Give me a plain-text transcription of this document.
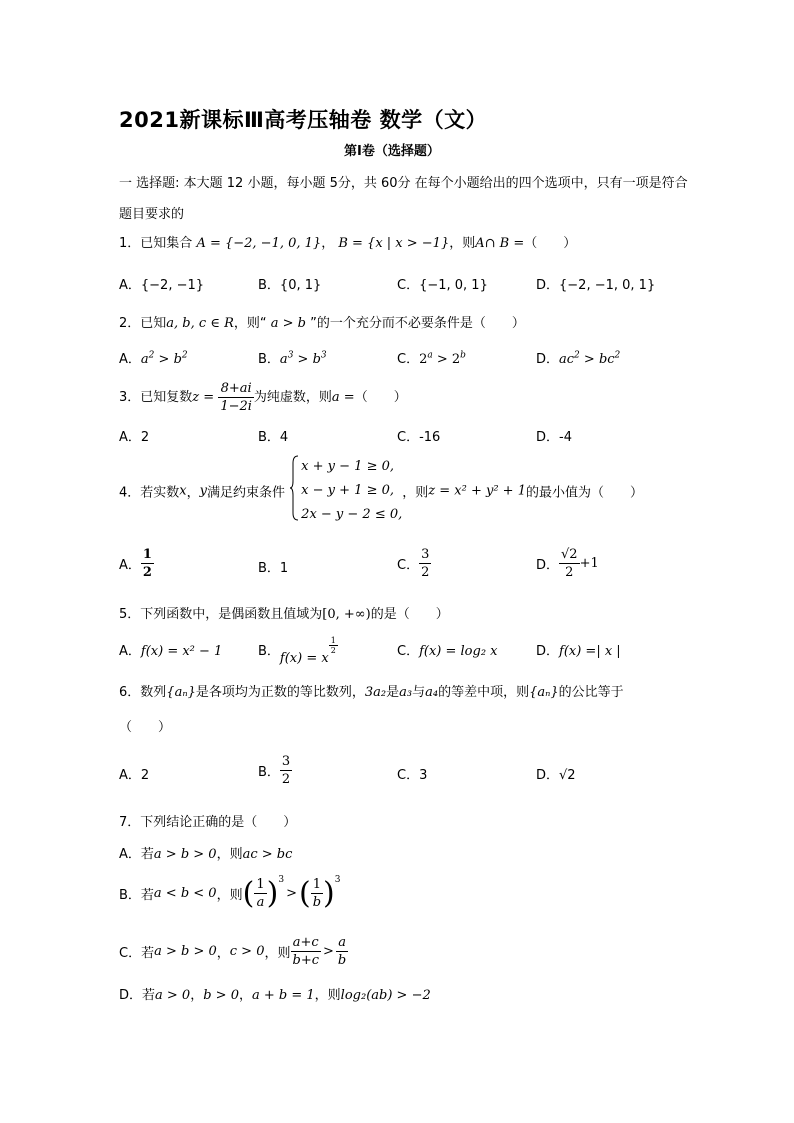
2021新课标Ⅲ高考压轴卷 数学（文）
第Ⅰ卷（选择题）
一 选择题: 本大题 12 小题，每小题 5分，共 60分 在每个小题给出的四个选项中，只有一项是符合题目要求的
1．已知集合 A = {−2, −1, 0, 1}， B = {x | x > −1}，则A∩ B =（　　）
A．{−2, −1}	B．{0, 1}	C．{−1, 0, 1}	D．{−2, −1, 0, 1}
2．已知a, b, c ∈ R，则“ a > b ”的一个充分而不必要条件是（　　）
A．$a^2 > b^2$	B．$a^3 > b^3$	C．$2^a > 2^b$	D．$ac^2 > bc^2$
3．已知复数$z = \frac{8+ai}{1-2i}$ 为纯虚数，则a =（　　）
A．2	B．4	C．-16	D．-4
4．若实数x，y满足约束条件
x + y − 1 ≥ 0,
x − y + 1 ≥ 0,
2x − y − 2 ≤ 0,
，则z = x² + y² + 1的最小值为（　　）
A． $\frac{1}{2}$	B．1	C． $\frac{3}{2}$	D． $\frac{√2}{2} +1$
5．下列函数中，是偶函数且值域为[0, +∞)的是（　　）
A．f(x) = x² − 1	B．f(x) = x
$\frac{1}{2}$	C．f(x) = log₂ x	D．f(x) =| x |
6．数列{aₙ}是各项均为正数的等比数列，3a₂是a₃与a₄的等差中项，则{aₙ}的公比等于
（　　）
A．2	B． $\frac{3}{2}$	C．3	D．√2
7．下列结论正确的是（　　）
A．若a > b > 0，则ac > bc
B．若a < b < 0，则( $\frac{1}{a} )^3>( \frac{1}{b} )^3$
C．若a > b > 0，c > 0，则 $\frac{a+c}{b+c} > \frac{a}{b}$
D．若a > 0，b > 0，a + b = 1，则log₂(ab) > −2
